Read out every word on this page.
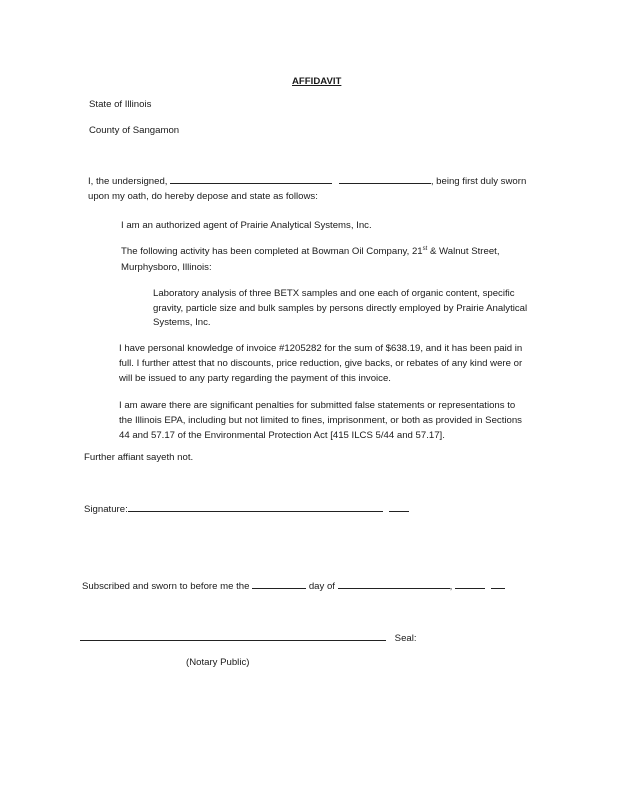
AFFIDAVIT
State of Illinois
County of Sangamon
I, the undersigned,	, being first duly sworn
upon my oath, do hereby depose and state as follows:
I am an authorized agent of Prairie Analytical Systems, Inc.
The following activity has been completed at Bowman Oil Company, 21st & Walnut Street,
Murphysboro, Illinois:
Laboratory analysis of three BETX samples and one each of organic content, specific
gravity, particle size and bulk samples by persons directly employed by Prairie Analytical
Systems, Inc.
I have personal knowledge of invoice #1205282 for the sum of $638.19, and it has been paid in
full. I further attest that no discounts, price reduction, give backs, or rebates of any kind were or
will be issued to any party regarding the payment of this invoice.
I am aware there are significant penalties for submitted false statements or representations to
the Illinois EPA, including but not limited to fines, imprisonment, or both as provided in Sections
44 and 57.17 of the Environmental Protection Act [415 ILCS 5/44 and 57.17].
Further affiant sayeth not.
Signature:
Subscribed and sworn to before me the	day of	,
Seal:
(Notary Public)
